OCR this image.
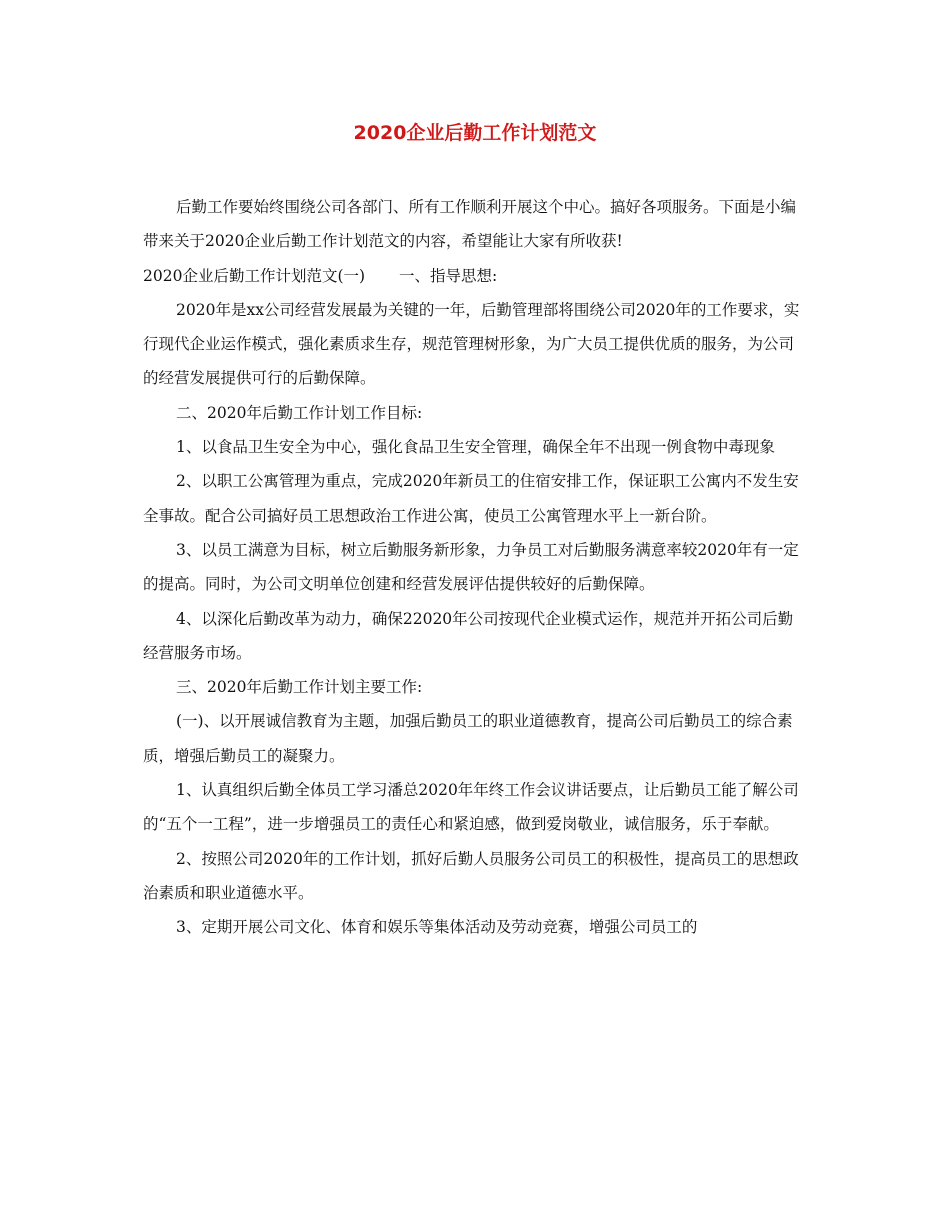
2020企业后勤工作计划范文

后勤工作要始终围绕公司各部门、所有工作顺利开展这个中心。搞好各项服务。下面是小编带来关于2020企业后勤工作计划范文的内容，希望能让大家有所收获!

2020企业后勤工作计划范文(一) 一、指导思想:

2020年是xx公司经营发展最为关键的一年，后勤管理部将围绕公司2020年的工作要求，实行现代企业运作模式，强化素质求生存，规范管理树形象，为广大员工提供优质的服务，为公司的经营发展提供可行的后勤保障。

二、2020年后勤工作计划工作目标:

1、以食品卫生安全为中心，强化食品卫生安全管理，确保全年不出现一例食物中毒现象

2、以职工公寓管理为重点，完成2020年新员工的住宿安排工作，保证职工公寓内不发生安全事故。配合公司搞好员工思想政治工作进公寓，使员工公寓管理水平上一新台阶。

3、以员工满意为目标，树立后勤服务新形象，力争员工对后勤服务满意率较2020年有一定的提高。同时，为公司文明单位创建和经营发展评估提供较好的后勤保障。

4、以深化后勤改革为动力，确保22020年公司按现代企业模式运作，规范并开拓公司后勤经营服务市场。

三、2020年后勤工作计划主要工作:

(一)、以开展诚信教育为主题，加强后勤员工的职业道德教育，提高公司后勤员工的综合素质，增强后勤员工的凝聚力。

1、认真组织后勤全体员工学习潘总2020年年终工作会议讲话要点，让后勤员工能了解公司的“五个一工程”，进一步增强员工的责任心和紧迫感，做到爱岗敬业，诚信服务，乐于奉献。

2、按照公司2020年的工作计划，抓好后勤人员服务公司员工的积极性，提高员工的思想政治素质和职业道德水平。

3、定期开展公司文化、体育和娱乐等集体活动及劳动竞赛，增强公司员工的
